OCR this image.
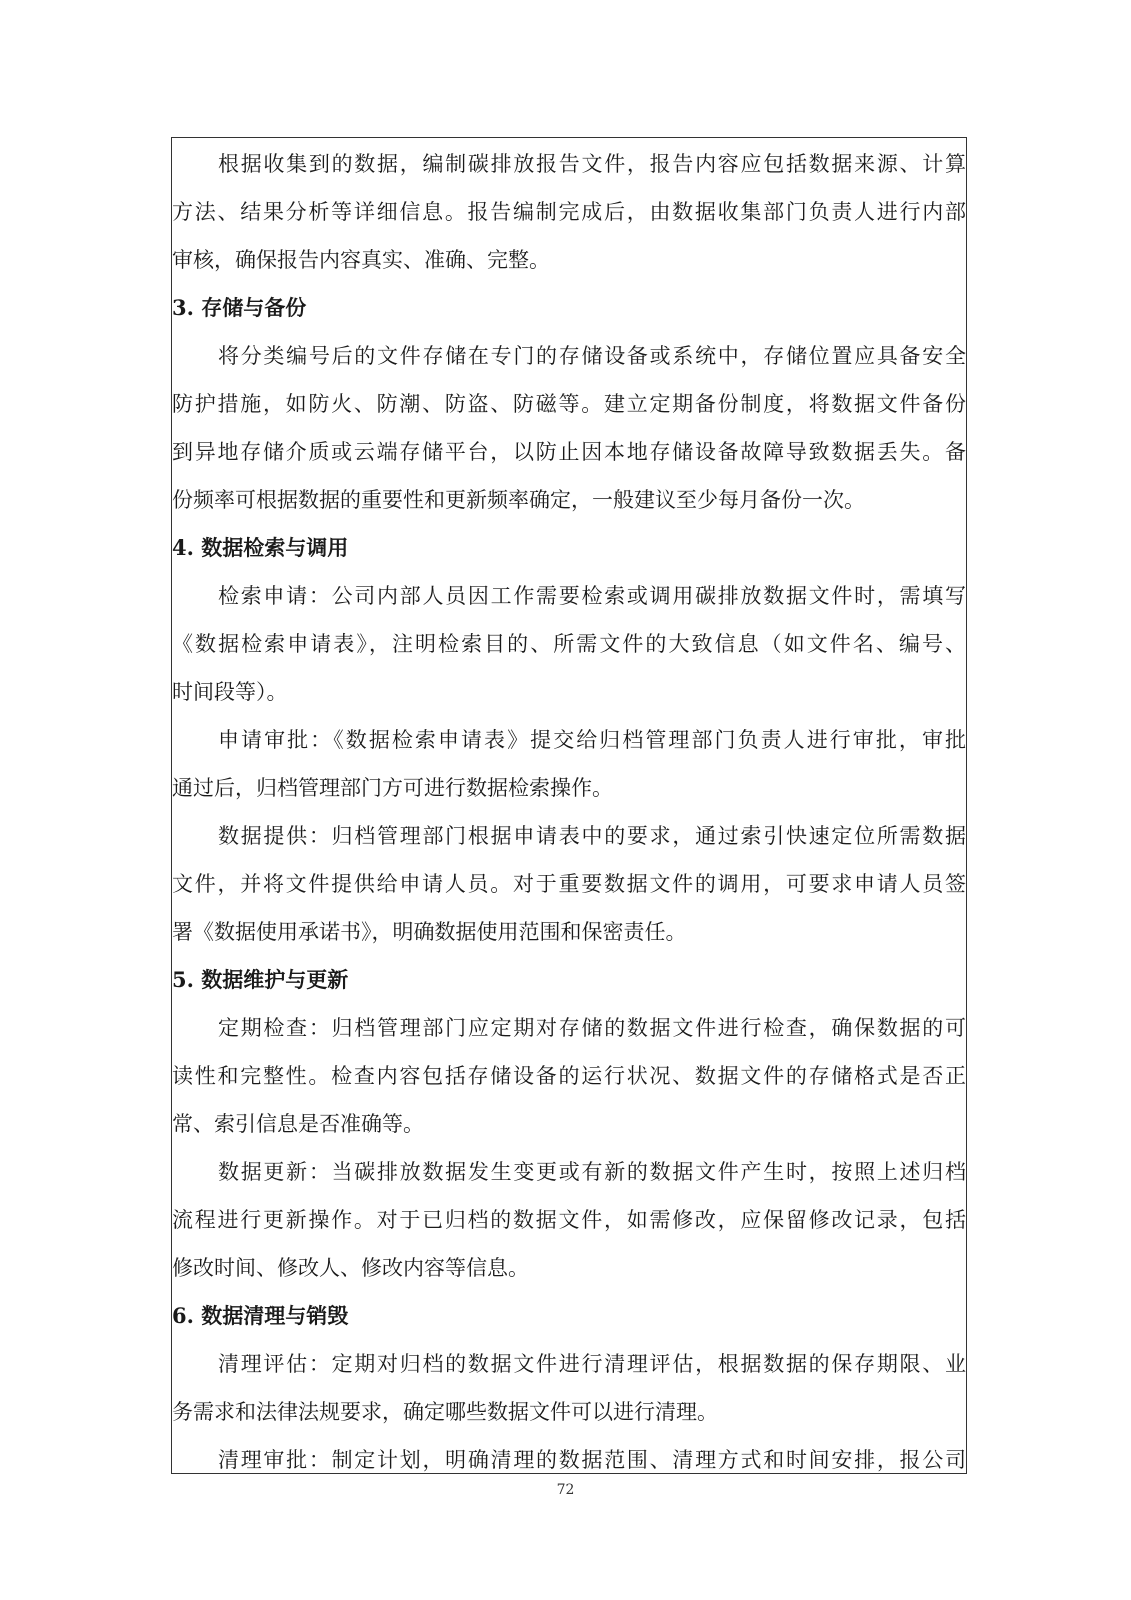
根据收集到的数据，编制碳排放报告文件，报告内容应包括数据来源、计算
方法、结果分析等详细信息。报告编制完成后，由数据收集部门负责人进行内部
审核，确保报告内容真实、准确、完整。
3. 存储与备份
将分类编号后的文件存储在专门的存储设备或系统中，存储位置应具备安全
防护措施，如防火、防潮、防盗、防磁等。建立定期备份制度，将数据文件备份
到异地存储介质或云端存储平台，以防止因本地存储设备故障导致数据丢失。备
份频率可根据数据的重要性和更新频率确定，一般建议至少每月备份一次。
4. 数据检索与调用
检索申请：公司内部人员因工作需要检索或调用碳排放数据文件时，需填写
《数据检索申请表》，注明检索目的、所需文件的大致信息（如文件名、编号、
时间段等）。
申请审批：《数据检索申请表》提交给归档管理部门负责人进行审批，审批
通过后，归档管理部门方可进行数据检索操作。
数据提供：归档管理部门根据申请表中的要求，通过索引快速定位所需数据
文件，并将文件提供给申请人员。对于重要数据文件的调用，可要求申请人员签
署《数据使用承诺书》，明确数据使用范围和保密责任。
5. 数据维护与更新
定期检查：归档管理部门应定期对存储的数据文件进行检查，确保数据的可
读性和完整性。检查内容包括存储设备的运行状况、数据文件的存储格式是否正
常、索引信息是否准确等。
数据更新：当碳排放数据发生变更或有新的数据文件产生时，按照上述归档
流程进行更新操作。对于已归档的数据文件，如需修改，应保留修改记录，包括
修改时间、修改人、修改内容等信息。
6. 数据清理与销毁
清理评估：定期对归档的数据文件进行清理评估，根据数据的保存期限、业
务需求和法律法规要求，确定哪些数据文件可以进行清理。
清理审批：制定计划，明确清理的数据范围、清理方式和时间安排，报公司
72
